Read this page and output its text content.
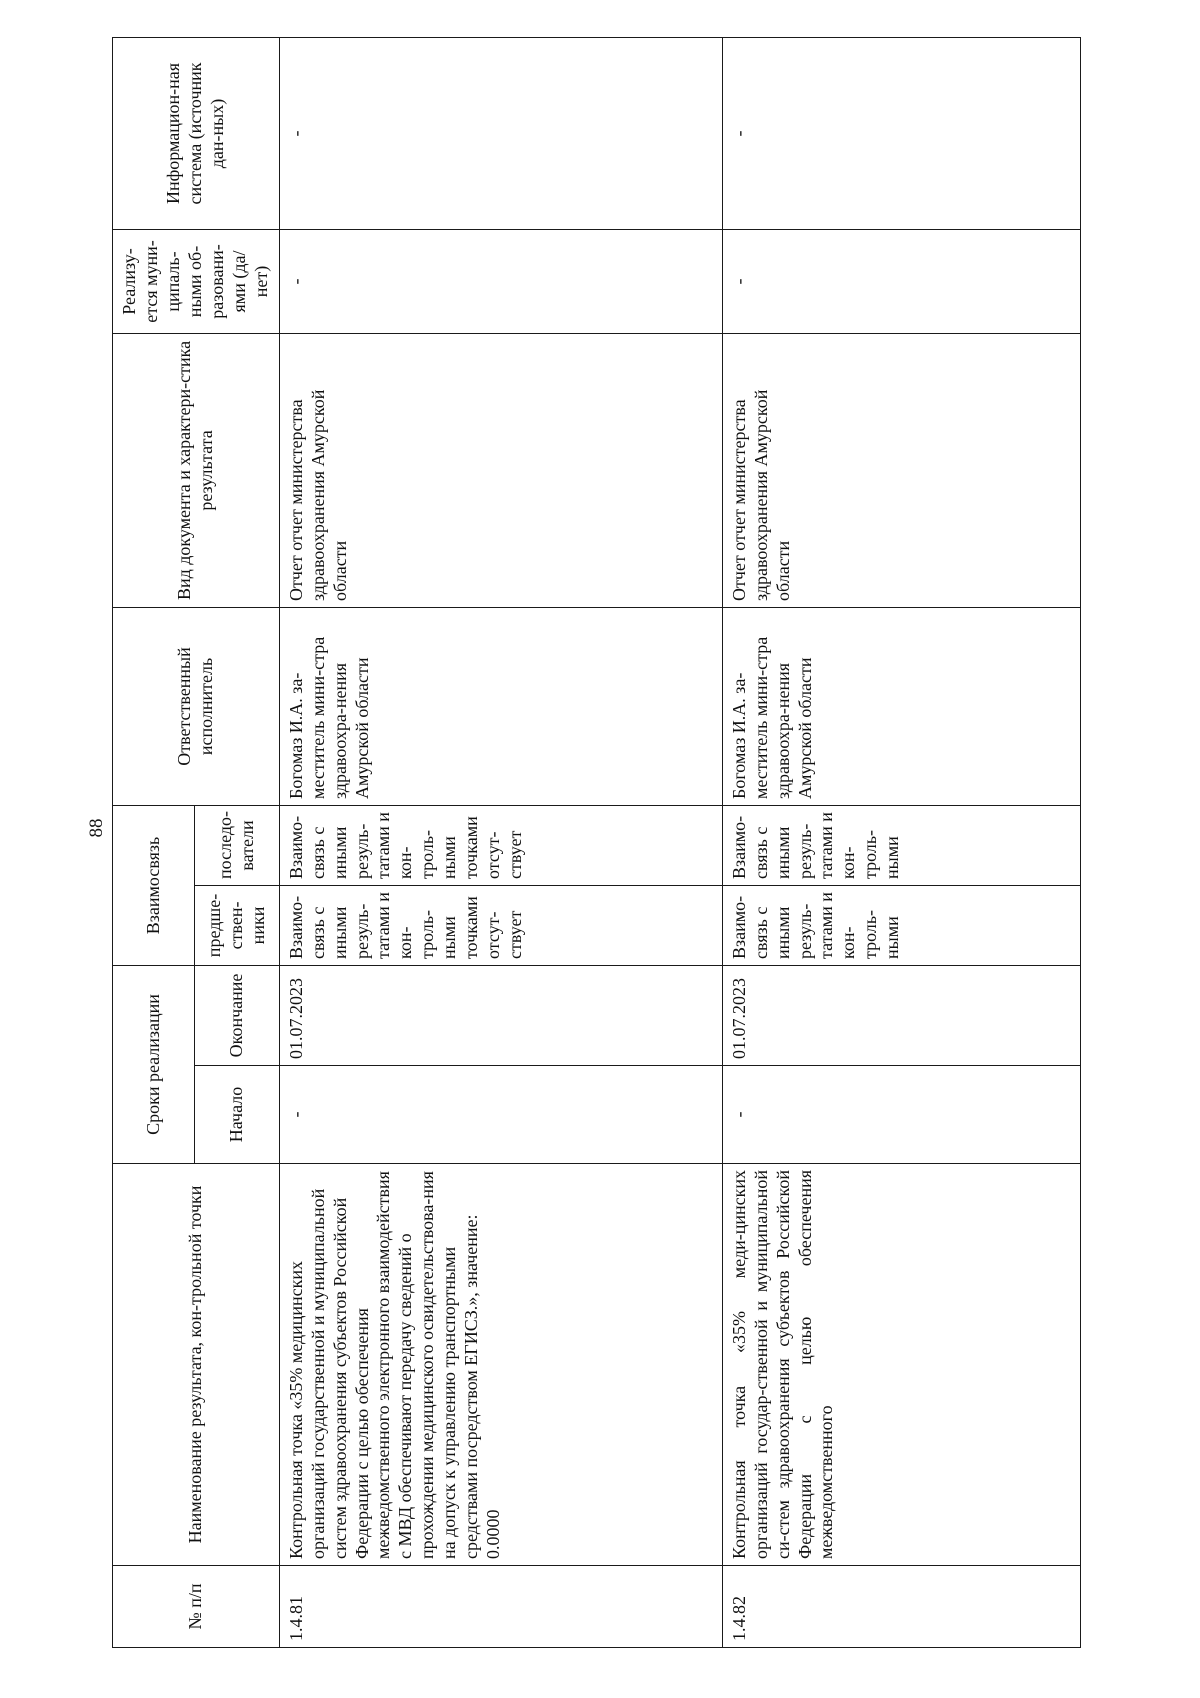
88
№ п/п	Наименование результата, кон-трольной точки	Сроки реализации		Взаимосвязь		Ответственный исполнитель	Вид документа и характери-стика результата	Реализу-ется муни-ципаль-ными об-разовани-ями (да/нет)	Информацион-ная система (источник дан-ных)
		Начало	Окончание	предше-ствен-ники	последо-ватели				
1.4.81	Контрольная точка «35% медицинских организаций государственной и муниципальной систем здравоохранения субъектов Российской Федерации с целью обеспечения межведомственного электронного взаимодействия с МВД обеспечивают передачу сведений о прохождении медицинского освидетельствова-ния на допуск к управлению транспортными средствами посредством ЕГИСЗ.», значение: 0.0000	-	01.07.2023	Взаимо-связь с иными резуль-татами и кон-троль-ными точками отсут-ствует	Взаимо-связь с иными резуль-татами и кон-троль-ными точками отсут-ствует	Богомаз И.А. за-меститель мини-стра здравоохра-нения Амурской области	Отчет отчет министерства здравоохранения Амурской области	-	-
1.4.82	Контрольная точка «35% меди-цинских организаций государ-ственной и муниципальной си-стем здравоохранения субъектов Российской Федерации с целью обеспечения межведомственного	-	01.07.2023	Взаимо-связь с иными резуль-татами и кон-троль-ными	Взаимо-связь с иными резуль-татами и кон-троль-ными	Богомаз И.А. за-меститель мини-стра здравоохра-нения Амурской области	Отчет отчет министерства здравоохранения Амурской области	-	-
